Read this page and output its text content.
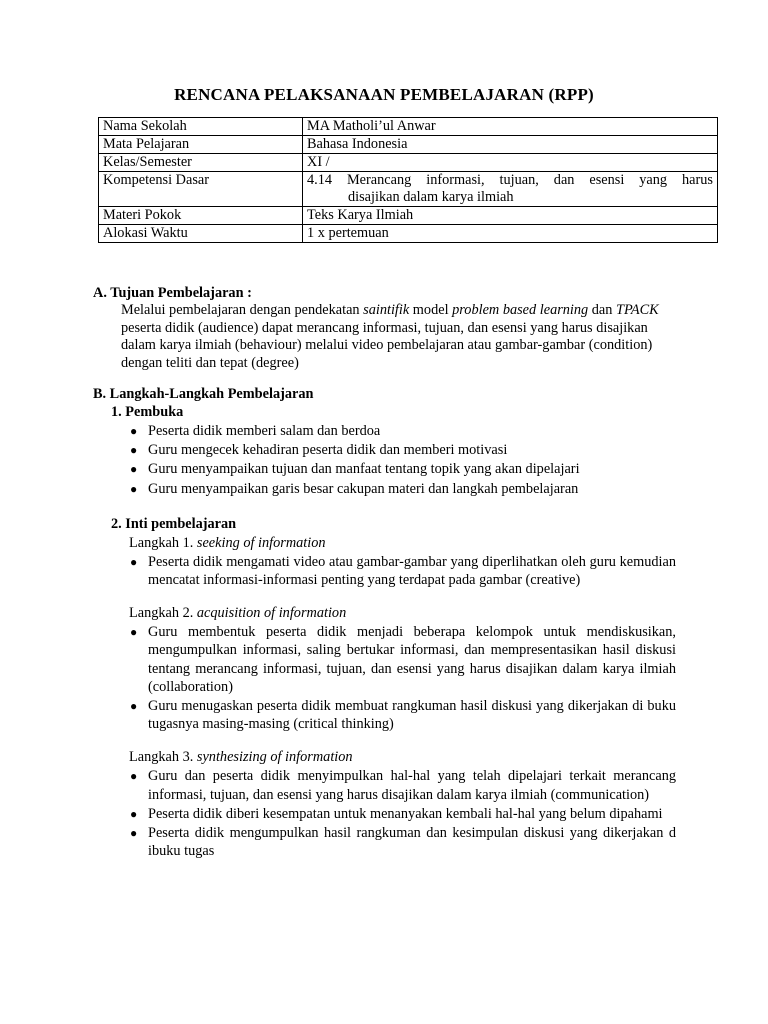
RENCANA PELAKSANAAN PEMBELAJARAN (RPP)
Nama Sekolah	MA Matholi’ul Anwar
Mata Pelajaran	Bahasa Indonesia
Kelas/Semester	XI /
Kompetensi Dasar	4.14 Merancang informasi, tujuan, dan esensi yang harus
disajikan dalam karya ilmiah

Materi Pokok	Teks Karya Ilmiah
Alokasi Waktu	1 x pertemuan
A. Tujuan Pembelajaran :
Melalui pembelajaran dengan pendekatan saintifik model problem based learning dan TPACK peserta didik (audience) dapat merancang informasi, tujuan, dan esensi yang harus disajikan dalam karya ilmiah (behaviour) melalui video pembelajaran atau gambar-gambar (condition) dengan teliti dan tepat (degree)
B. Langkah-Langkah Pembelajaran
1. Pembuka
● Peserta didik memberi salam dan berdoa
● Guru mengecek kehadiran peserta didik dan memberi motivasi
● Guru menyampaikan tujuan dan manfaat tentang topik yang akan dipelajari
● Guru menyampaikan garis besar cakupan materi dan langkah pembelajaran
2. Inti pembelajaran
Langkah 1. seeking of information
● Peserta didik mengamati video atau gambar-gambar yang diperlihatkan oleh guru kemudian mencatat informasi-informasi penting yang terdapat pada gambar (creative)
Langkah 2. acquisition of information
● Guru membentuk peserta didik menjadi beberapa kelompok untuk mendiskusikan, mengumpulkan informasi, saling bertukar informasi, dan mempresentasikan hasil diskusi tentang merancang informasi, tujuan, dan esensi yang harus disajikan dalam karya ilmiah (collaboration)
● Guru menugaskan peserta didik membuat rangkuman hasil diskusi yang dikerjakan di buku tugasnya masing-masing (critical thinking)
Langkah 3. synthesizing of information
● Guru dan peserta didik menyimpulkan hal-hal yang telah dipelajari terkait merancang informasi, tujuan, dan esensi yang harus disajikan dalam karya ilmiah (communication)
● Peserta didik diberi kesempatan untuk menanyakan kembali hal-hal yang belum dipahami
● Peserta didik mengumpulkan hasil rangkuman dan kesimpulan diskusi yang dikerjakan d ibuku tugas
